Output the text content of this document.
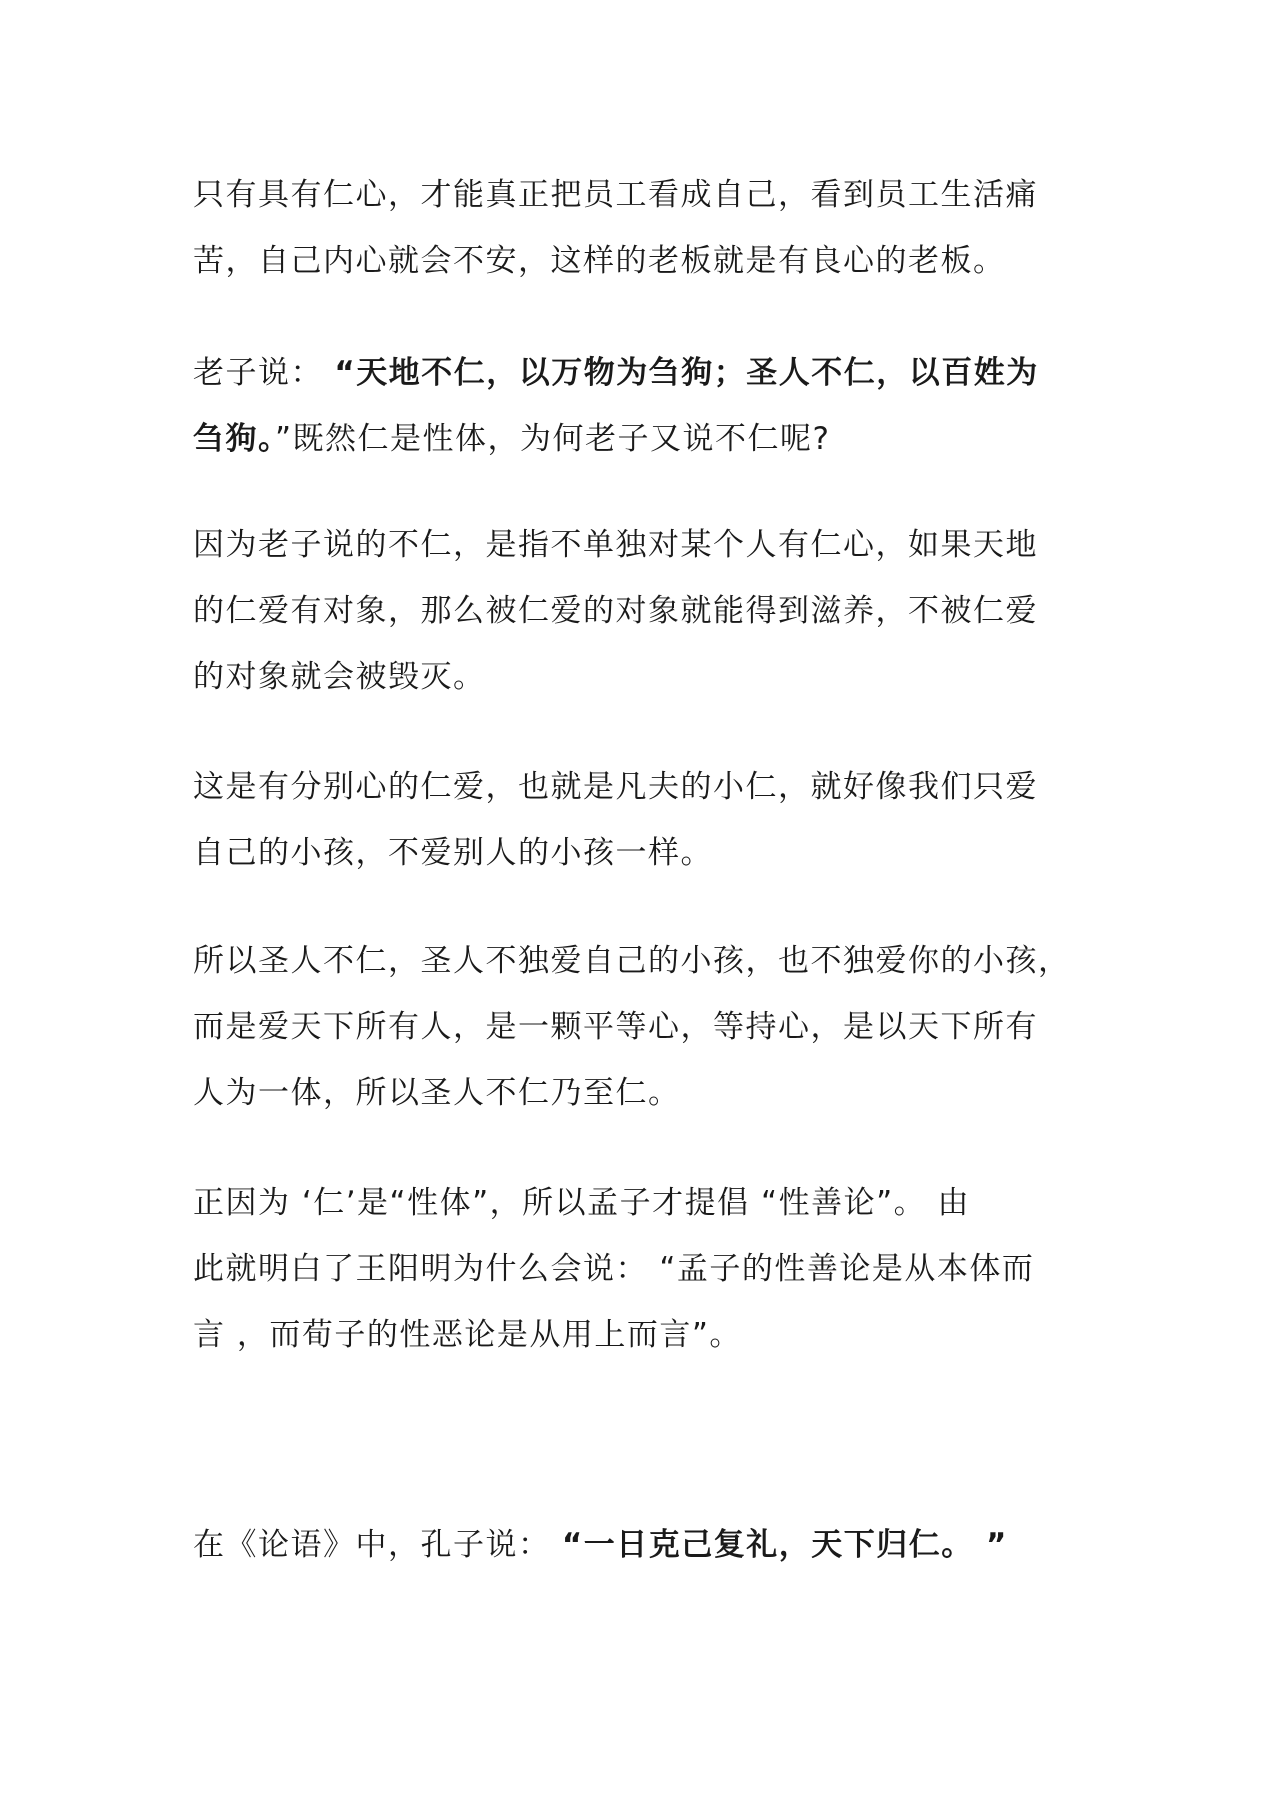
只有具有仁心，才能真正把员工看成自己，看到员工生活痛
苦，自己内心就会不安，这样的老板就是有良心的老板。

老子说： “天地不仁，以万物为刍狗；圣人不仁，以百姓为
刍狗。”既然仁是性体，为何老子又说不仁呢?

因为老子说的不仁，是指不单独对某个人有仁心，如果天地
的仁爱有对象，那么被仁爱的对象就能得到滋养，不被仁爱
的对象就会被毁灭。

这是有分别心的仁爱，也就是凡夫的小仁，就好像我们只爱
自己的小孩，不爱别人的小孩一样。

所以圣人不仁，圣人不独爱自己的小孩，也不独爱你的小孩，
而是爱天下所有人，是一颗平等心，等持心，是以天下所有
人为一体，所以圣人不仁乃至仁。

正因为 ‘仁’是“性体”，所以孟子才提倡 “性善论”。 由
此就明白了王阳明为什么会说： “孟子的性善论是从本体而
言 ，而荀子的性恶论是从用上而言”。

在《论语》中，孔子说： “一日克己复礼，天下归仁。 ”
